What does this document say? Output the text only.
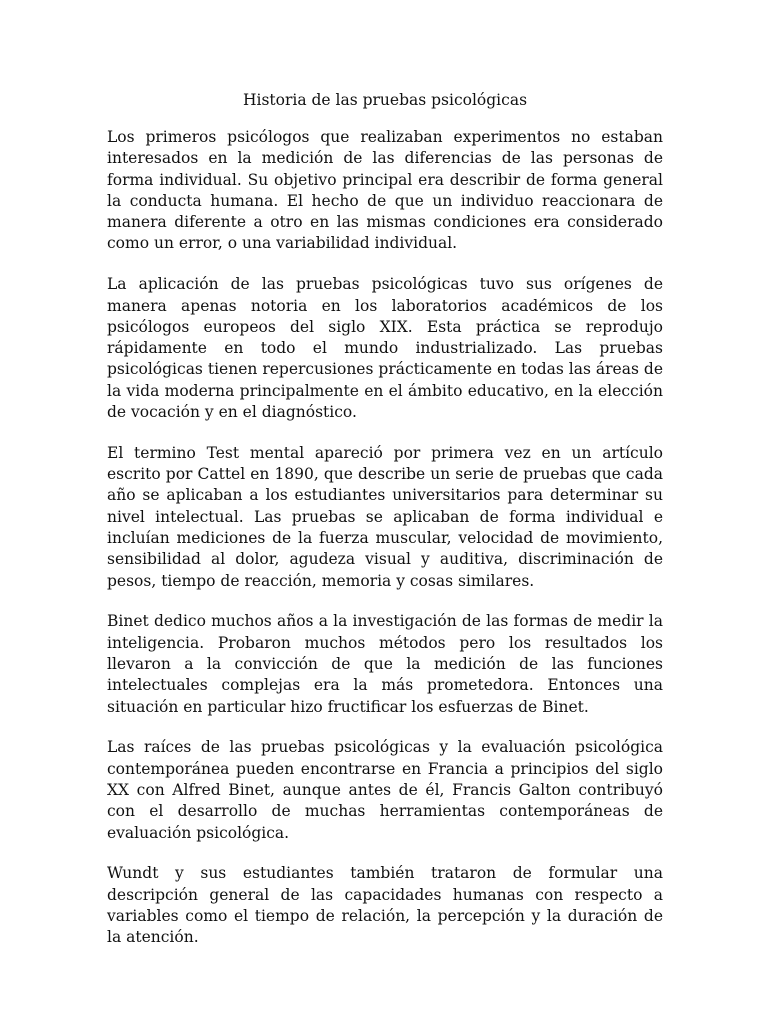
Historia de las pruebas psicológicas

Los primeros psicólogos que realizaban experimentos no estaban interesados en la medición de las diferencias de las personas de forma individual. Su objetivo principal era describir de forma general la conducta humana. El hecho de que un individuo reaccionara de manera diferente a otro en las mismas condiciones era considerado como un error, o una variabilidad individual.

La aplicación de las pruebas psicológicas tuvo sus orígenes de manera apenas notoria en los laboratorios académicos de los psicólogos europeos del siglo XIX. Esta práctica se reprodujo rápidamente en todo el mundo industrializado. Las pruebas psicológicas tienen repercusiones prácticamente en todas las áreas de la vida moderna principalmente en el ámbito educativo, en la elección de vocación y en el diagnóstico.

El termino Test mental apareció por primera vez en un artículo escrito por Cattel en 1890, que describe un serie de pruebas que cada año se aplicaban a los estudiantes universitarios para determinar su nivel intelectual. Las pruebas se aplicaban de forma individual e incluían mediciones de la fuerza muscular, velocidad de movimiento, sensibilidad al dolor, agudeza visual y auditiva, discriminación de pesos, tiempo de reacción, memoria y cosas similares.

Binet dedico muchos años a la investigación de las formas de medir la inteligencia. Probaron muchos métodos pero los resultados los llevaron a la convicción de que la medición de las funciones intelectuales complejas era la más prometedora. Entonces una situación en particular hizo fructificar los esfuerzas de Binet.

Las raíces de las pruebas psicológicas y la evaluación psicológica contemporánea pueden encontrarse en Francia a principios del siglo XX con Alfred Binet, aunque antes de él, Francis Galton contribuyó con el desarrollo de muchas herramientas contemporáneas de evaluación psicológica.

Wundt y sus estudiantes también trataron de formular una descripción general de las capacidades humanas con respecto a variables como el tiempo de relación, la percepción y la duración de la atención.
